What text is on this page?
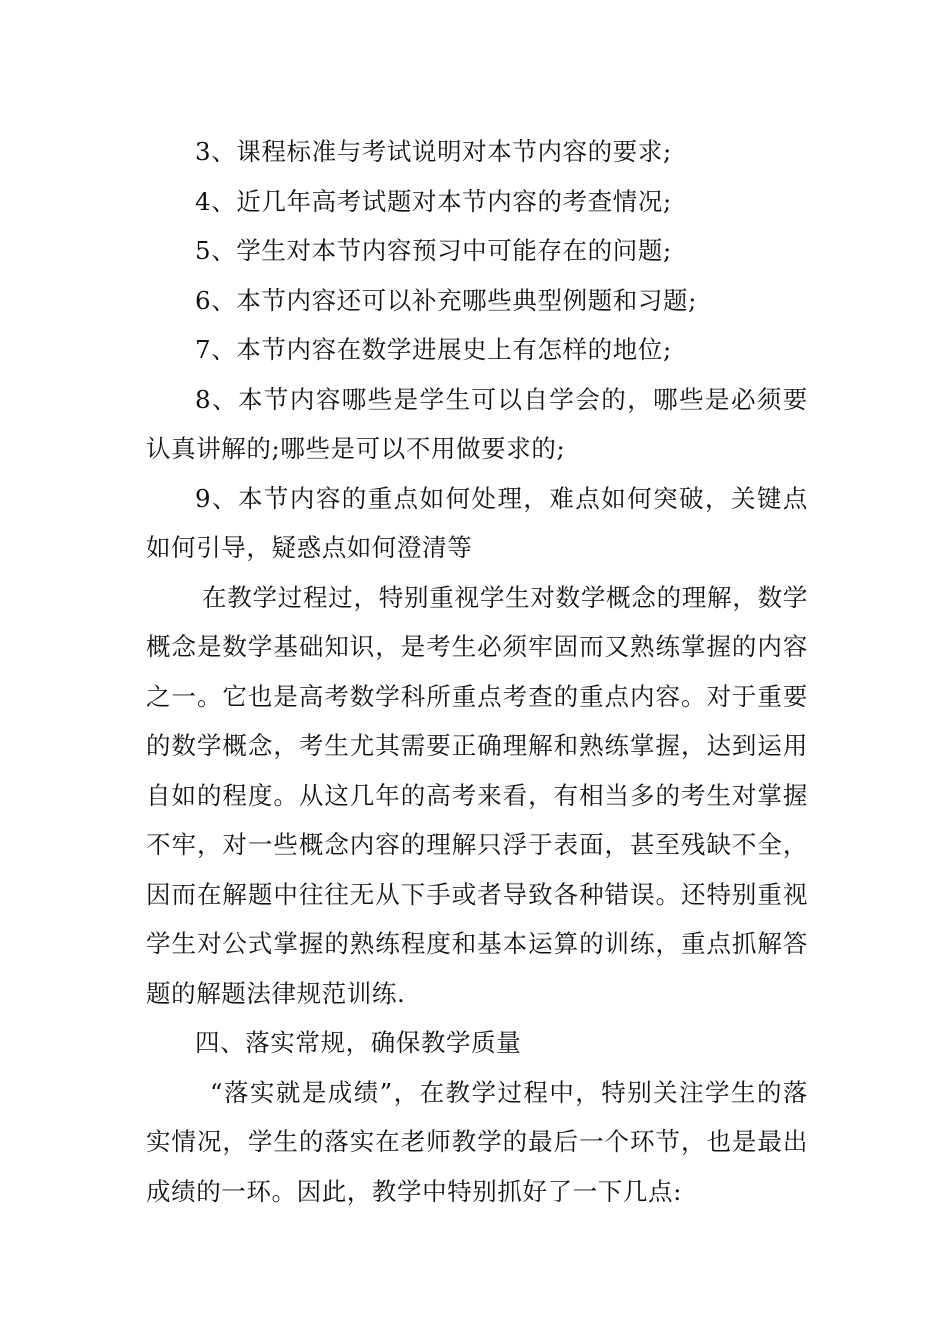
3、课程标准与考试说明对本节内容的要求;

4、近几年高考试题对本节内容的考查情况;

5、学生对本节内容预习中可能存在的问题;

6、本节内容还可以补充哪些典型例题和习题;

7、本节内容在数学进展史上有怎样的地位;

8、本节内容哪些是学生可以自学会的，哪些是必须要认真讲解的;哪些是可以不用做要求的;

9、本节内容的重点如何处理，难点如何突破，关键点如何引导，疑惑点如何澄清等

在教学过程过，特别重视学生对数学概念的理解，数学概念是数学基础知识，是考生必须牢固而又熟练掌握的内容之一。它也是高考数学科所重点考查的重点内容。对于重要的数学概念，考生尤其需要正确理解和熟练掌握，达到运用自如的程度。从这几年的高考来看，有相当多的考生对掌握不牢，对一些概念内容的理解只浮于表面，甚至残缺不全，因而在解题中往往无从下手或者导致各种错误。还特别重视学生对公式掌握的熟练程度和基本运算的训练，重点抓解答题的解题法律规范训练.

四、落实常规，确保教学质量

“落实就是成绩”，在教学过程中，特别关注学生的落实情况，学生的落实在老师教学的最后一个环节，也是最出成绩的一环。因此，教学中特别抓好了一下几点:
